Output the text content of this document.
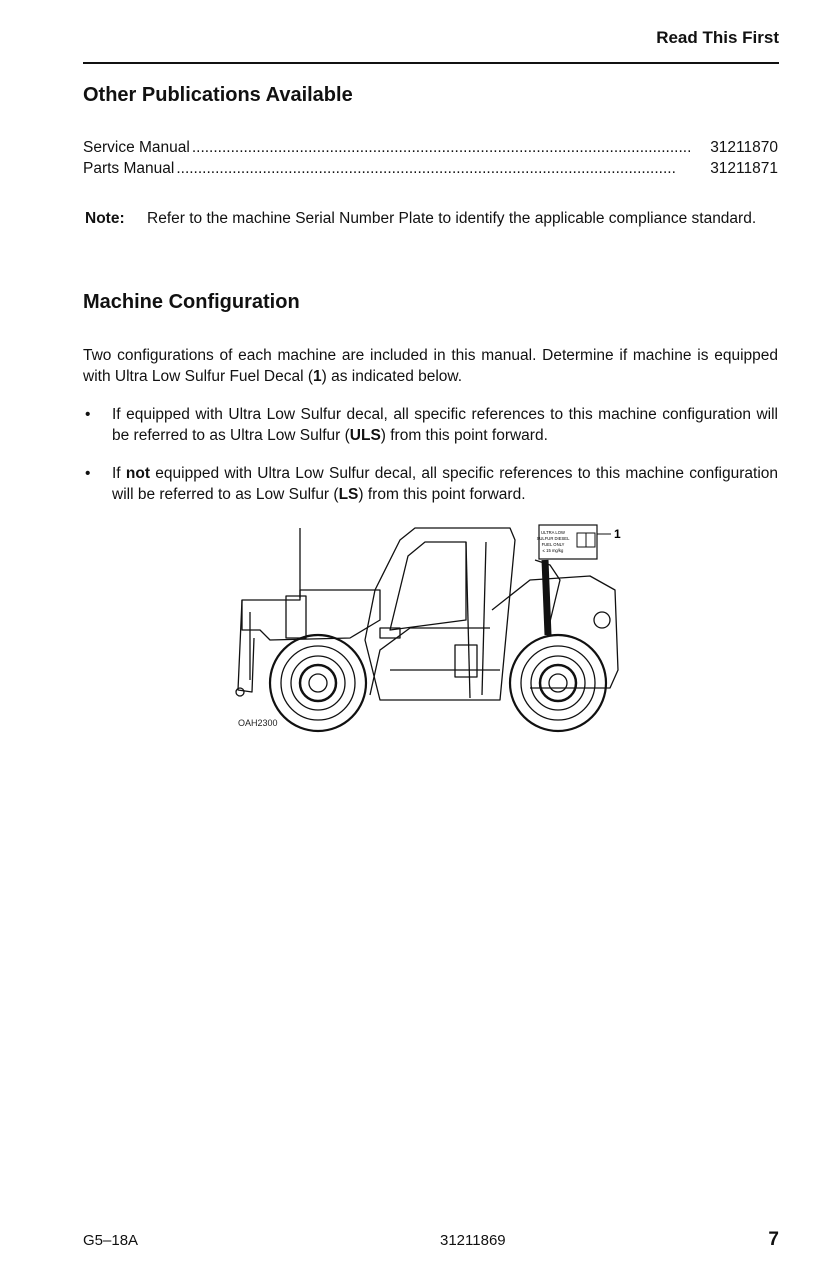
Read This First
Other Publications Available
Service Manual ....................................................................................................................	31211870
Parts Manual ....................................................................................................................	31211871
Note:	Refer to the machine Serial Number Plate to identify the applicable compliance standard.
Machine Configuration
Two configurations of each machine are included in this manual. Determine if machine is equipped with Ultra Low Sulfur Fuel Decal (1) as indicated below.
•	If equipped with Ultra Low Sulfur decal, all specific references to this machine configuration will be referred to as Ultra Low Sulfur (ULS) from this point forward.
•	If not equipped with Ultra Low Sulfur decal, all specific references to this machine configuration will be referred to as Low Sulfur (LS) from this point forward.
ULTRA LOW
SULFUR DIESEL
FUEL ONLY
≤ 15 mg/kg
1
OAH2300
G5–18A	31211869	7
